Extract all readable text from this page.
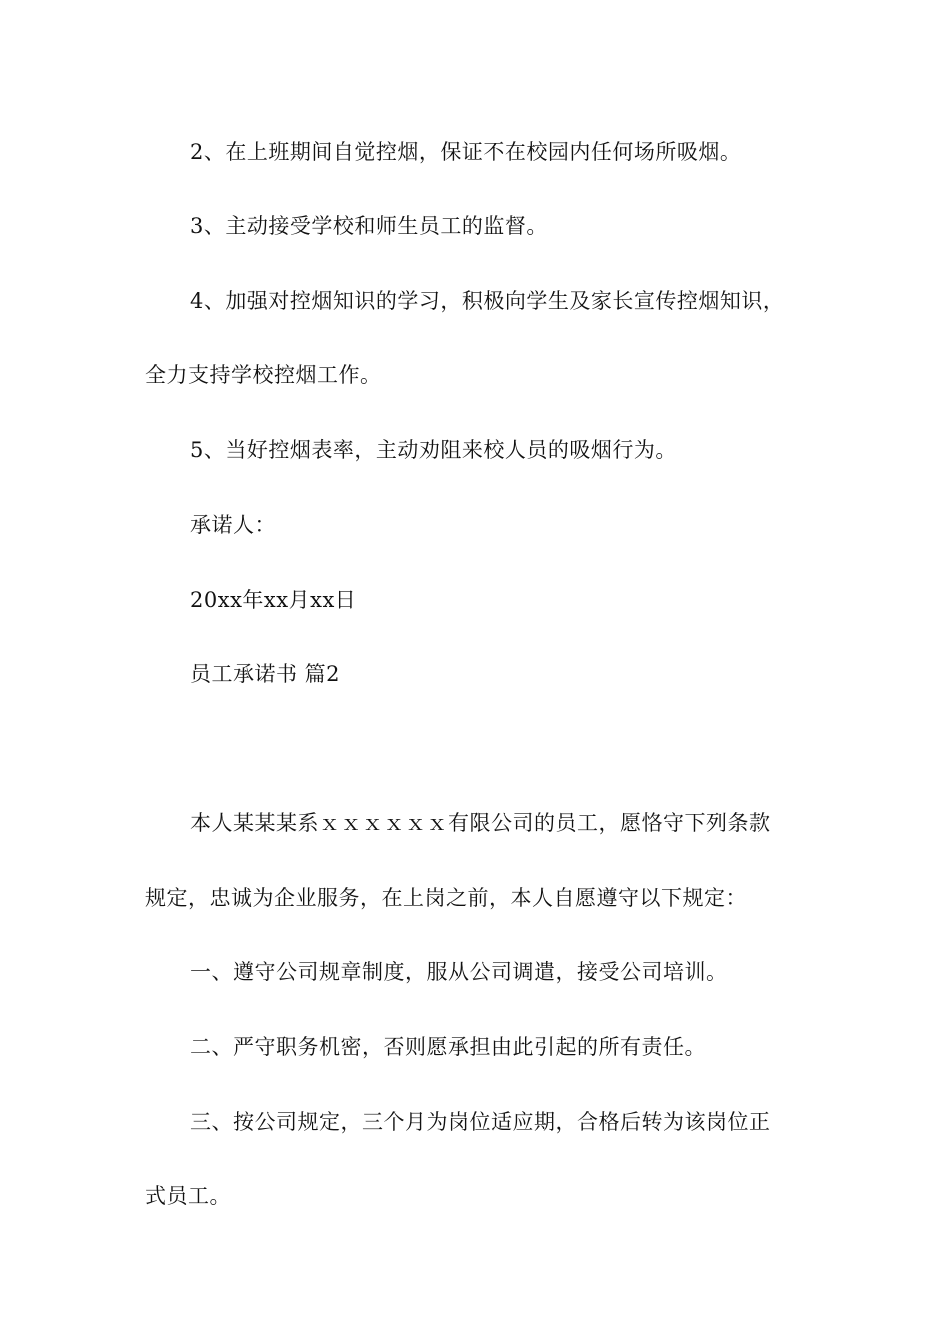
2、在上班期间自觉控烟，保证不在校园内任何场所吸烟。
3、主动接受学校和师生员工的监督。
4、加强对控烟知识的学习，积极向学生及家长宣传控烟知识，
全力支持学校控烟工作。
5、当好控烟表率，主动劝阻来校人员的吸烟行为。
承诺人：
20xx年xx月xx日
员工承诺书 篇2
本人某某某系ｘｘｘｘｘｘ有限公司的员工，愿恪守下列条款
规定，忠诚为企业服务，在上岗之前，本人自愿遵守以下规定：
一、遵守公司规章制度，服从公司调遣，接受公司培训。
二、严守职务机密，否则愿承担由此引起的所有责任。
三、按公司规定，三个月为岗位适应期，合格后转为该岗位正
式员工。
